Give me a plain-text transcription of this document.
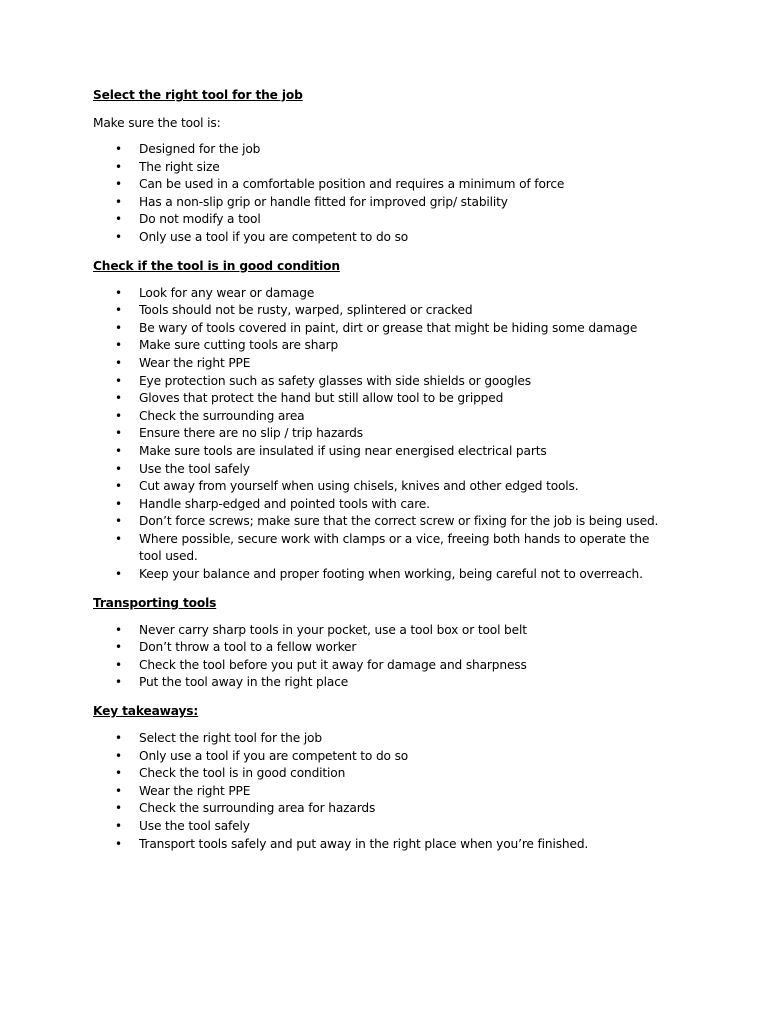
Select the right tool for the job
Make sure the tool is:
• Designed for the job
• The right size
• Can be used in a comfortable position and requires a minimum of force
• Has a non-slip grip or handle fitted for improved grip/ stability
• Do not modify a tool
• Only use a tool if you are competent to do so
Check if the tool is in good condition
• Look for any wear or damage
• Tools should not be rusty, warped, splintered or cracked
• Be wary of tools covered in paint, dirt or grease that might be hiding some damage
• Make sure cutting tools are sharp
• Wear the right PPE
• Eye protection such as safety glasses with side shields or googles
• Gloves that protect the hand but still allow tool to be gripped
• Check the surrounding area
• Ensure there are no slip / trip hazards
• Make sure tools are insulated if using near energised electrical parts
• Use the tool safely
• Cut away from yourself when using chisels, knives and other edged tools.
• Handle sharp-edged and pointed tools with care.
• Don’t force screws; make sure that the correct screw or fixing for the job is being used.
• Where possible, secure work with clamps or a vice, freeing both hands to operate the tool used.
• Keep your balance and proper footing when working, being careful not to overreach.
Transporting tools
• Never carry sharp tools in your pocket, use a tool box or tool belt
• Don’t throw a tool to a fellow worker
• Check the tool before you put it away for damage and sharpness
• Put the tool away in the right place
Key takeaways:
• Select the right tool for the job
• Only use a tool if you are competent to do so
• Check the tool is in good condition
• Wear the right PPE
• Check the surrounding area for hazards
• Use the tool safely
• Transport tools safely and put away in the right place when you’re finished.
